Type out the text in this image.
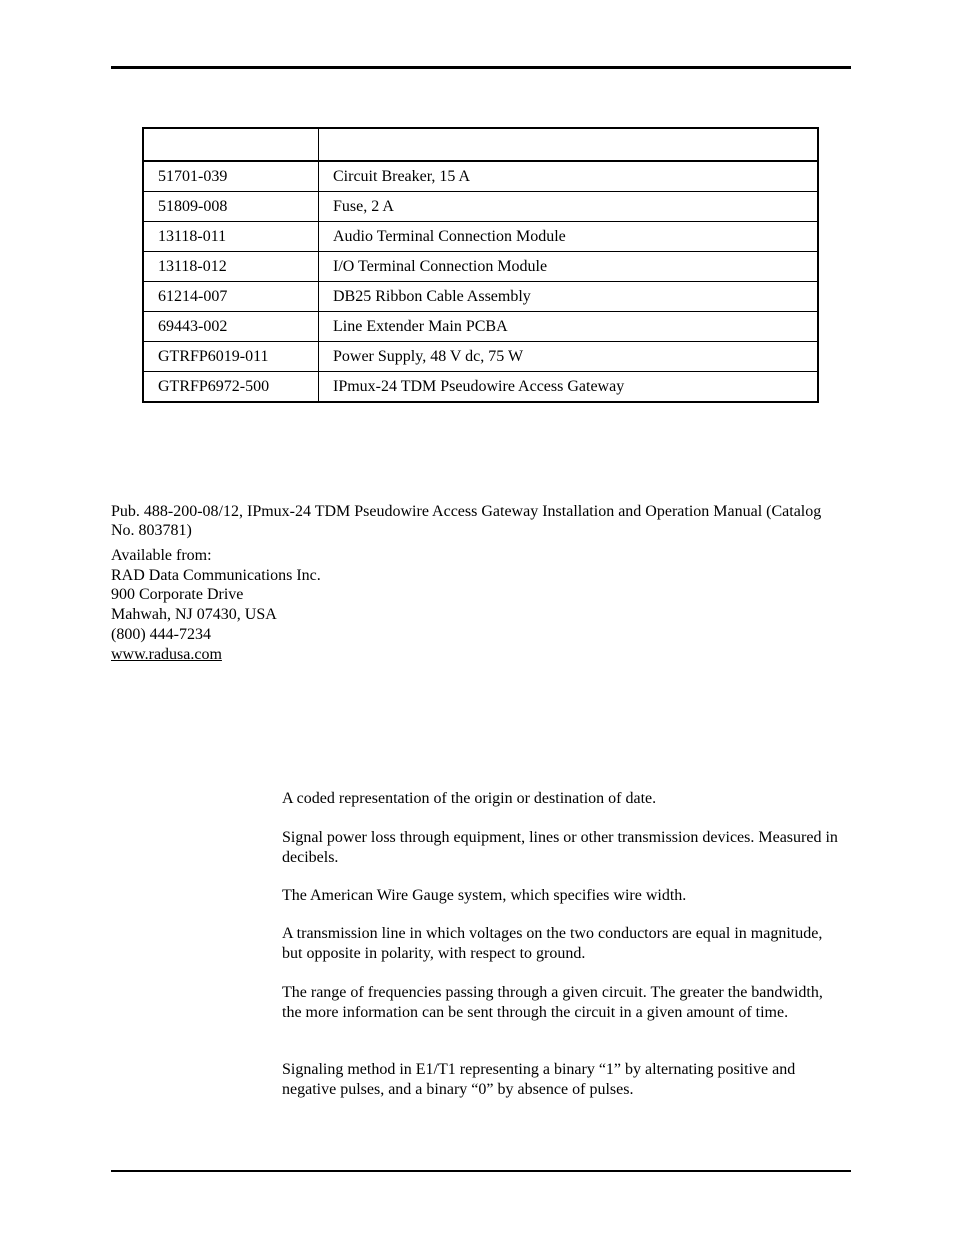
51701-039	Circuit Breaker, 15 A
51809-008	Fuse, 2 A
13118-011	Audio Terminal Connection Module
13118-012	I/O Terminal Connection Module
61214-007	DB25 Ribbon Cable Assembly
69443-002	Line Extender Main PCBA
GTRFP6019-011	Power Supply, 48 V dc, 75 W
GTRFP6972-500	IPmux-24 TDM Pseudowire Access Gateway
Pub. 488-200-08/12, IPmux-24 TDM Pseudowire Access Gateway Installation and Operation Manual (Catalog No. 803781)
Available from:
RAD Data Communications Inc.
900 Corporate Drive
Mahwah, NJ 07430, USA
(800) 444-7234
www.radusa.com

A coded representation of the origin or destination of date.

Signal power loss through equipment, lines or other transmission devices. Measured in decibels.

The American Wire Gauge system, which specifies wire width.

A transmission line in which voltages on the two conductors are equal in magnitude, but opposite in polarity, with respect to ground.

The range of frequencies passing through a given circuit. The greater the bandwidth, the more information can be sent through the circuit in a given amount of time.

Signaling method in E1/T1 representing a binary “1” by alternating positive and negative pulses, and a binary “0” by absence of pulses.
